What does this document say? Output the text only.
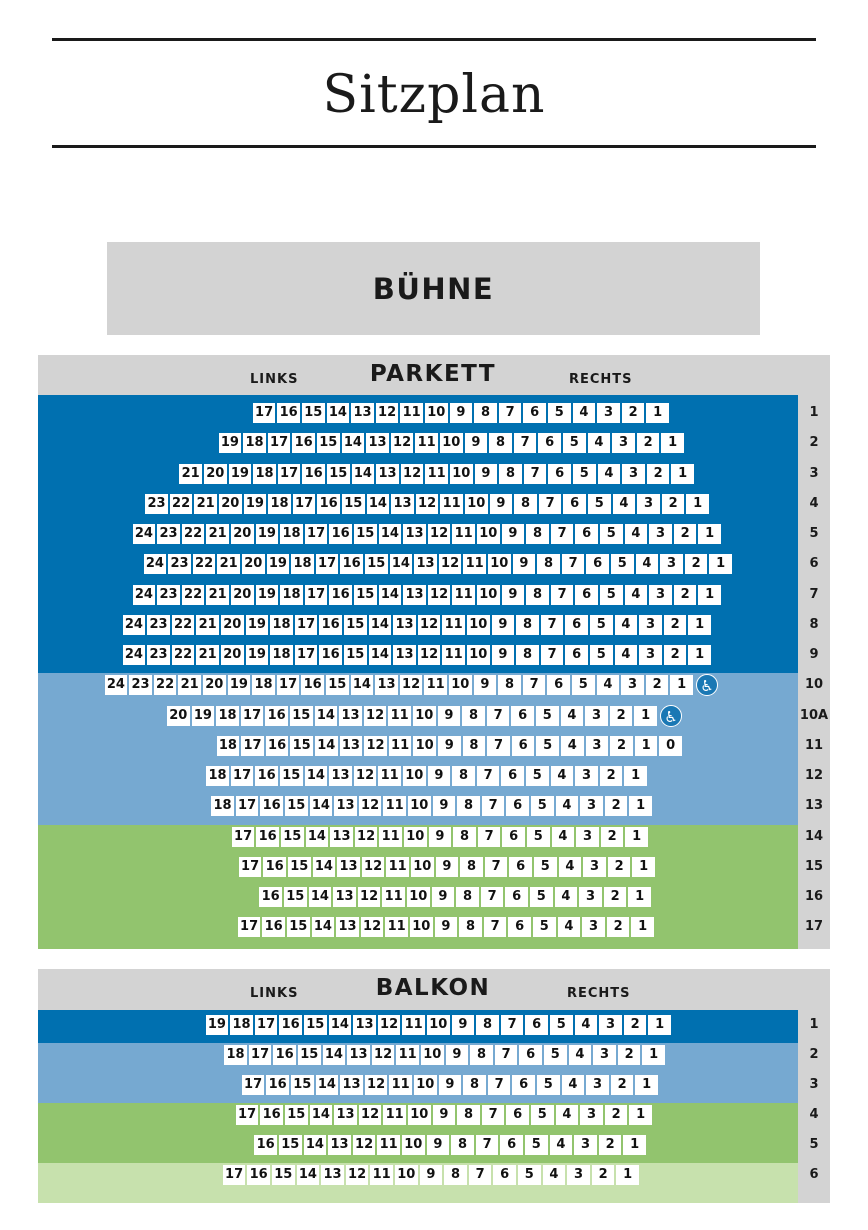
Sitzplan
BÜHNE
PARKETT
LINKS	RECHTS
17 16 15 14 13 12 11 10 9	8	7	6	5	4	3	2	1	1
19 18 17 16 15 14 13 12 11 10 9	8	7	6	5	4	3	2	1	2
21 20 19 18 17 16 15 14 13 12 11 10 9	8	7	6	5	4	3	2	1	3
23 22 21 20 19 18 17 16 15 14 13 12 11 10 9	8	7	6	5	4	3	2	1	4
24 23 22 21 20 19 18 17 16 15 14 13 12 11 10 9	8	7	6	5	4	3	2	1	5
24 23 22 21 20 19 18 17 16 15 14 13 12 11 10 9	8	7	6	5	4	3	2	1	6
24 23 22 21 20 19 18 17 16 15 14 13 12 11 10 9	8	7	6	5	4	3	2	1	7
24 23 22 21 20 19 18 17 16 15 14 13 12 11 10 9	8	7	6	5	4	3	2	1	8
24 23 22 21 20 19 18 17 16 15 14 13 12 11 10 9	8	7	6	5	4	3	2	1	9
24 23 22 21 20 19 18 17 16 15 14 13 12 11 10 9	8	7	6	5	4	3	2	1 ♿	10
20 19 18 17 16 15 14 13 12 11 10 9	8	7	6	5	4	3	2	1 ♿	10A
18 17 16 15 14 13 12 11 10 9	8	7	6	5	4	3	2	1	0	11
18 17 16 15 14 13 12 11 10 9	8	7	6	5	4	3	2	1	12
18 17 16 15 14 13 12 11 10 9	8	7	6	5	4	3	2	1	13
17 16 15 14 13 12 11 10 9	8	7	6	5	4	3	2	1	14
17 16 15 14 13 12 11 10 9	8	7	6	5	4	3	2	1	15
16 15 14 13 12 11 10 9	8	7	6	5	4	3	2	1	16
17 16 15 14 13 12 11 10 9	8	7	6	5	4	3	2	1	17
BALKON
LINKS	RECHTS
19 18 17 16 15 14 13 12 11 10 9	8	7	6	5	4	3	2	1	1
18 17 16 15 14 13 12 11 10 9	8	7	6	5	4	3	2	1	2
17 16 15 14 13 12 11 10 9	8	7	6	5	4	3	2	1	3
17 16 15 14 13 12 11 10 9	8	7	6	5	4	3	2	1	4
16 15 14 13 12 11 10 9	8	7	6	5	4	3	2	1	5
17 16 15 14 13 12 11 10 9	8	7	6	5	4	3	2	1	6
